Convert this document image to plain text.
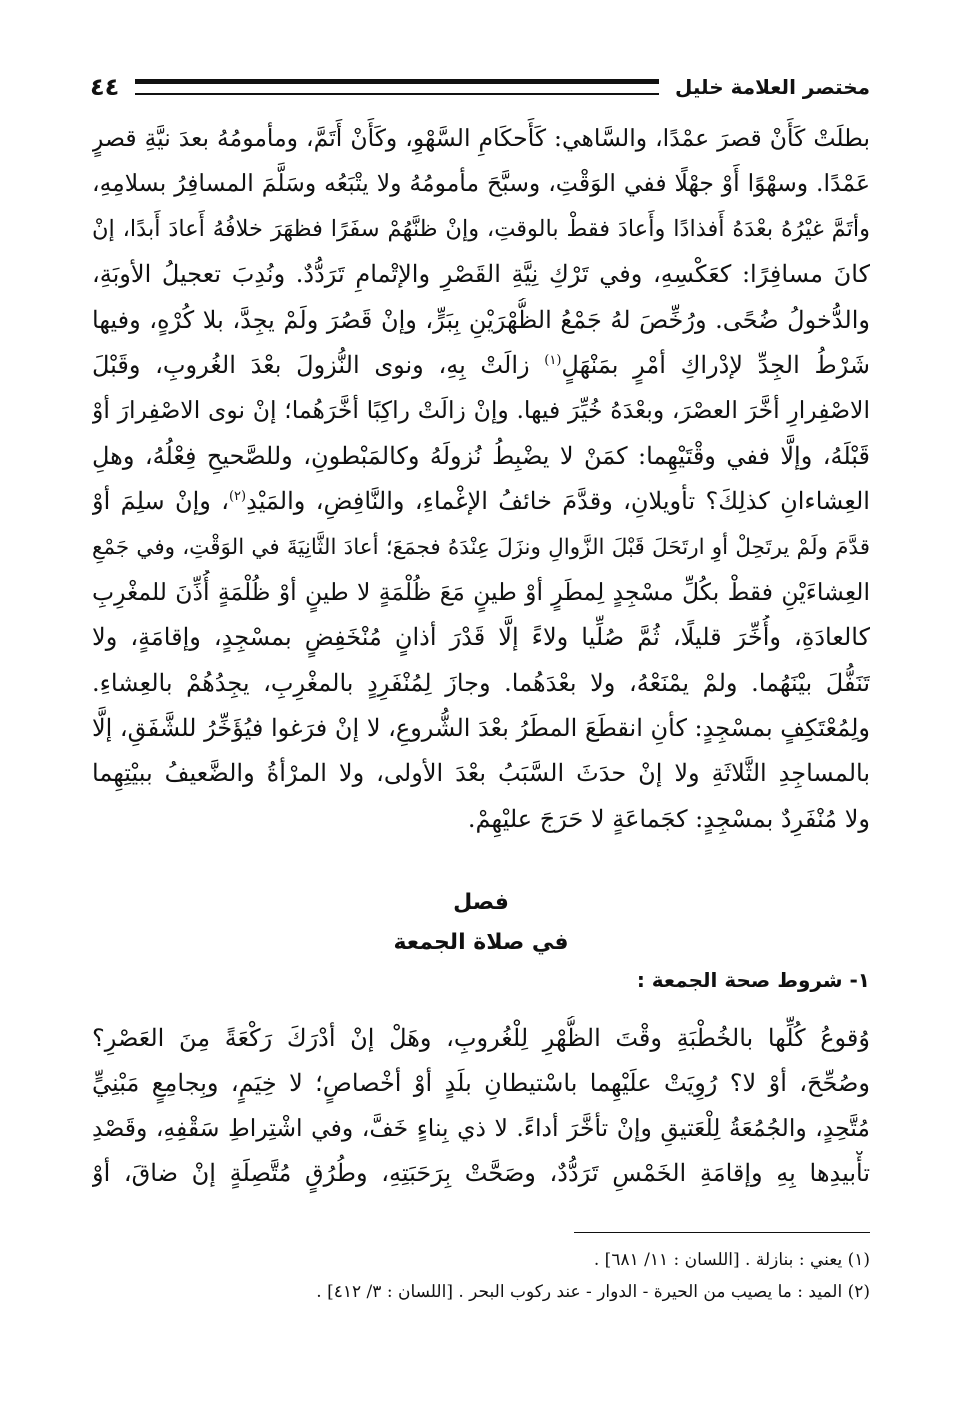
مختصر العلامة خليل
٤٤
بطلَتْ كَأَنْ قصرَ عمْدًا، والسَّاهي: كَأَحكَامِ السَّهْوِ، وكَأَنْ أَتَمَّ، ومأمومُهُ بعدَ نيَّةِ قصرٍ
عَمْدًا. وسهْوًا أَوْ جهْلًا ففي الوَقْتِ، وسبَّحَ مأمومُهُ ولا يتْبَعُه وسَلَّمَ المسافِرُ بسلامِهِ،
وأتَمَّ غيْرُهُ بعْدَهُ أَفذادًا وأَعادَ فقطْ بالوقتِ، وإنْ ظنَّهُمْ سفَرًا فظهَرَ خلافُهُ أَعادَ أَبدًا، إنْ
كانَ مسافِرًا: كعَكْسِهِ، وفي تَرْكِ نِيَّةِ القَصْرِ والإتْمامِ تَرَدُّدٌ. ونُدِبَ تعجيلُ الأوبَةِ،
والدُّخولُ ضُحًى. ورُخِّصَ لهُ جَمْعُ الظُّهْرَيْنِ بِبَرٍّ، وإنْ قَصُرَ ولَمْ يجِدَّ، بلا كُرْهٍ، وفيها
شَرْطُ الجِدِّ لإدْراكِ أمْرٍ بمَنْهَلٍ$^{(١)}$ زالَتْ بِهِ، ونوى النُّزولَ بعْدَ الغُروبِ، وقَبْلَ
الاصْفِرارِ أخَّرَ العصْرَ، وبعْدَهُ خُيِّرَ فيها. وإنْ زالَتْ راكِبًا أخَّرَهُما؛ إنْ نوى الاصْفِرارَ أوْ
قَبْلَهُ، وإلَّا ففي وقْتَيْهِما: كمَنْ لا يضْبِطُ نُزولَهُ وكالمَبْطونِ، وللصَّحيحِ فِعْلُهُ، وهلِ
العِشاءانِ كذلِكَ؟ تأويلانِ، وقدَّمَ خائفُ الإغْماءِ، والنَّافِضِ، والمَيْدِ$^{(٢)}$، وإنْ سلِمَ أوْ
قدَّمَ ولَمْ يرتَحِلْ أوِ ارتَحَلَ قَبْلَ الزَّوالِ ونزَلَ عِنْدَهُ فجمَعَ؛ أعادَ الثَّانِيَةَ في الوَقْتِ، وفي جَمْعِ
العِشاءَيْنِ فقطْ بكُلِّ مسْجِدٍ لِمطَرٍ أوْ طينٍ مَعَ ظُلْمَةٍ لا طينٍ أوْ ظُلْمَةٍ أُذِّنَ للمغْرِبِ
كالعادَةِ، وأُخِّرَ قليلًا، ثُمَّ صُلِّيا ولاءً إلَّا قَدْرَ أذانٍ مُنْخَفِضٍ بمسْجِدٍ، وإقامَةٍ، ولا
تَنَفُّلَ بيْنَهُما. ولمْ يمْنَعْهُ، ولا بعْدَهُما. وجازَ لِمُنْفَرِدٍ بالمغْرِبِ، يجِدُهُمْ بالعِشاءِ.
ولِمُعْتَكِفٍ بمسْجِدٍ: كأنِ انقطَعَ المطَرُ بعْدَ الشُّروعِ، لا إنْ فرَغوا فيُؤَخِّرُ للشَّفَقِ، إلَّا
بالمساجِدِ الثَّلاثَةِ ولا إنْ حدَثَ السَّبَبُ بعْدَ الأولى، ولا المرْأةُ والضَّعيفُ ببيْتِهِما
ولا مُنْفَرِدٌ بمسْجِدٍ: كجَماعَةٍ لا حَرَجَ عليْهِمْ.
فصل
في صلاة الجمعة
١- شروط صحة الجمعة :
وُقوعُ كُلِّها بالخُطْبَةِ وقْتَ الظُّهْرِ لِلْغُروبِ، وهَلْ إنْ أدْرَكَ رَكْعَةً مِنَ العَصْرِ؟
وصُحِّحَ، أوْ لا؟ رُوِيَتْ علَيْهِما باسْتيطانِ بلَدٍ أوْ أخْصاصٍ؛ لا خِيَمٍ، وبِجامِعٍ مَبْنِيٍّ
مُتَّحِدٍ، والجُمُعَةُ لِلْعَتيقِ وإنْ تأخَّرَ أداءً. لا ذي بِناءٍ خَفَّ، وفي اشْتِراطِ سَقْفِهِ، وقَصْدِ
تأْبيدِها بِهِ وإقامَةِ الخَمْسِ تَرَدُّدٌ، وصَحَّتْ بِرَحَبَتِهِ، وطُرُقٍ مُتَّصِلَةٍ إنْ ضاقَ، أوْ
(١) يعني : بنازلة . [اللسان : ١١/ ٦٨١] .
(٢) الميد : ما يصيب من الحيرة - الدوار - عند ركوب البحر . [اللسان : ٣/ ٤١٢] .
